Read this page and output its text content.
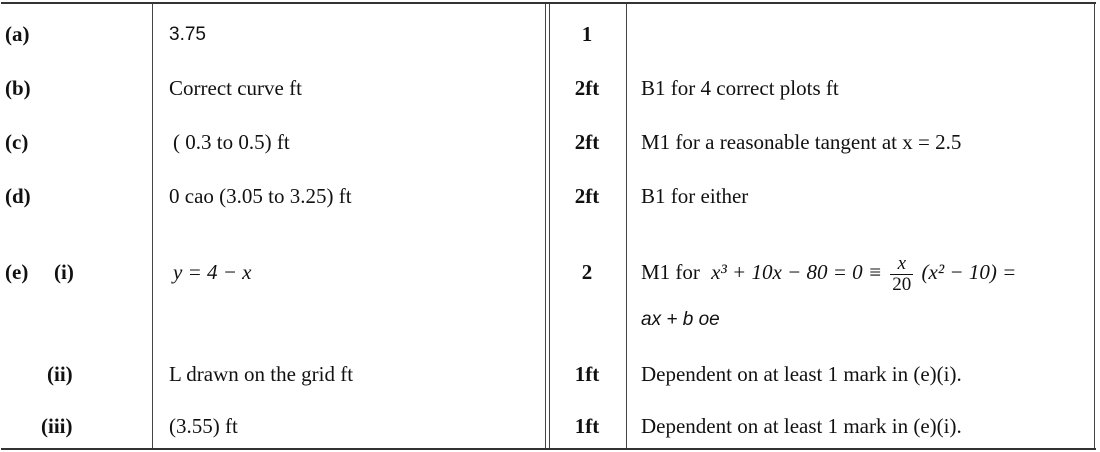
(a)	3.75	1
(b)	Correct curve ft	2ft	B1 for 4 correct plots ft
(c)	( 0.3 to 0.5) ft	2ft	M1 for a reasonable tangent at x = 2.5
(d)	0 cao (3.05 to 3.25) ft	2ft	B1 for either
(e) (i)	y = 4 − x	2	M1 for $x^3 + 10x - 80 = 0 \equiv \frac{x}{20} (x^2 - 10)$ =
ax + b oe
(ii)	L drawn on the grid ft	1ft	Dependent on at least 1 mark in (e)(i).
(iii)	(3.55) ft	1ft	Dependent on at least 1 mark in (e)(i).
